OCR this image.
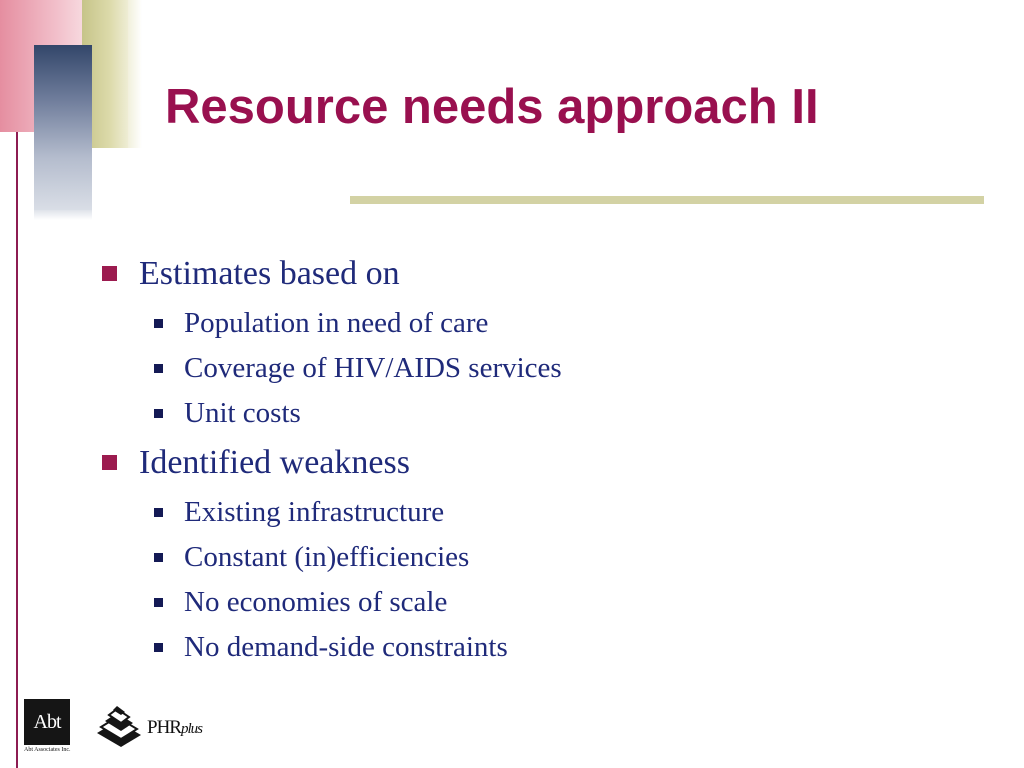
Resource needs approach II
Estimates based on
Population in need of care
Coverage of HIV/AIDS services
Unit costs
Identified weakness
Existing infrastructure
Constant (in)efficiencies
No economies of scale
No demand-side constraints
Abt
Abt Associates Inc.
PHRplus
